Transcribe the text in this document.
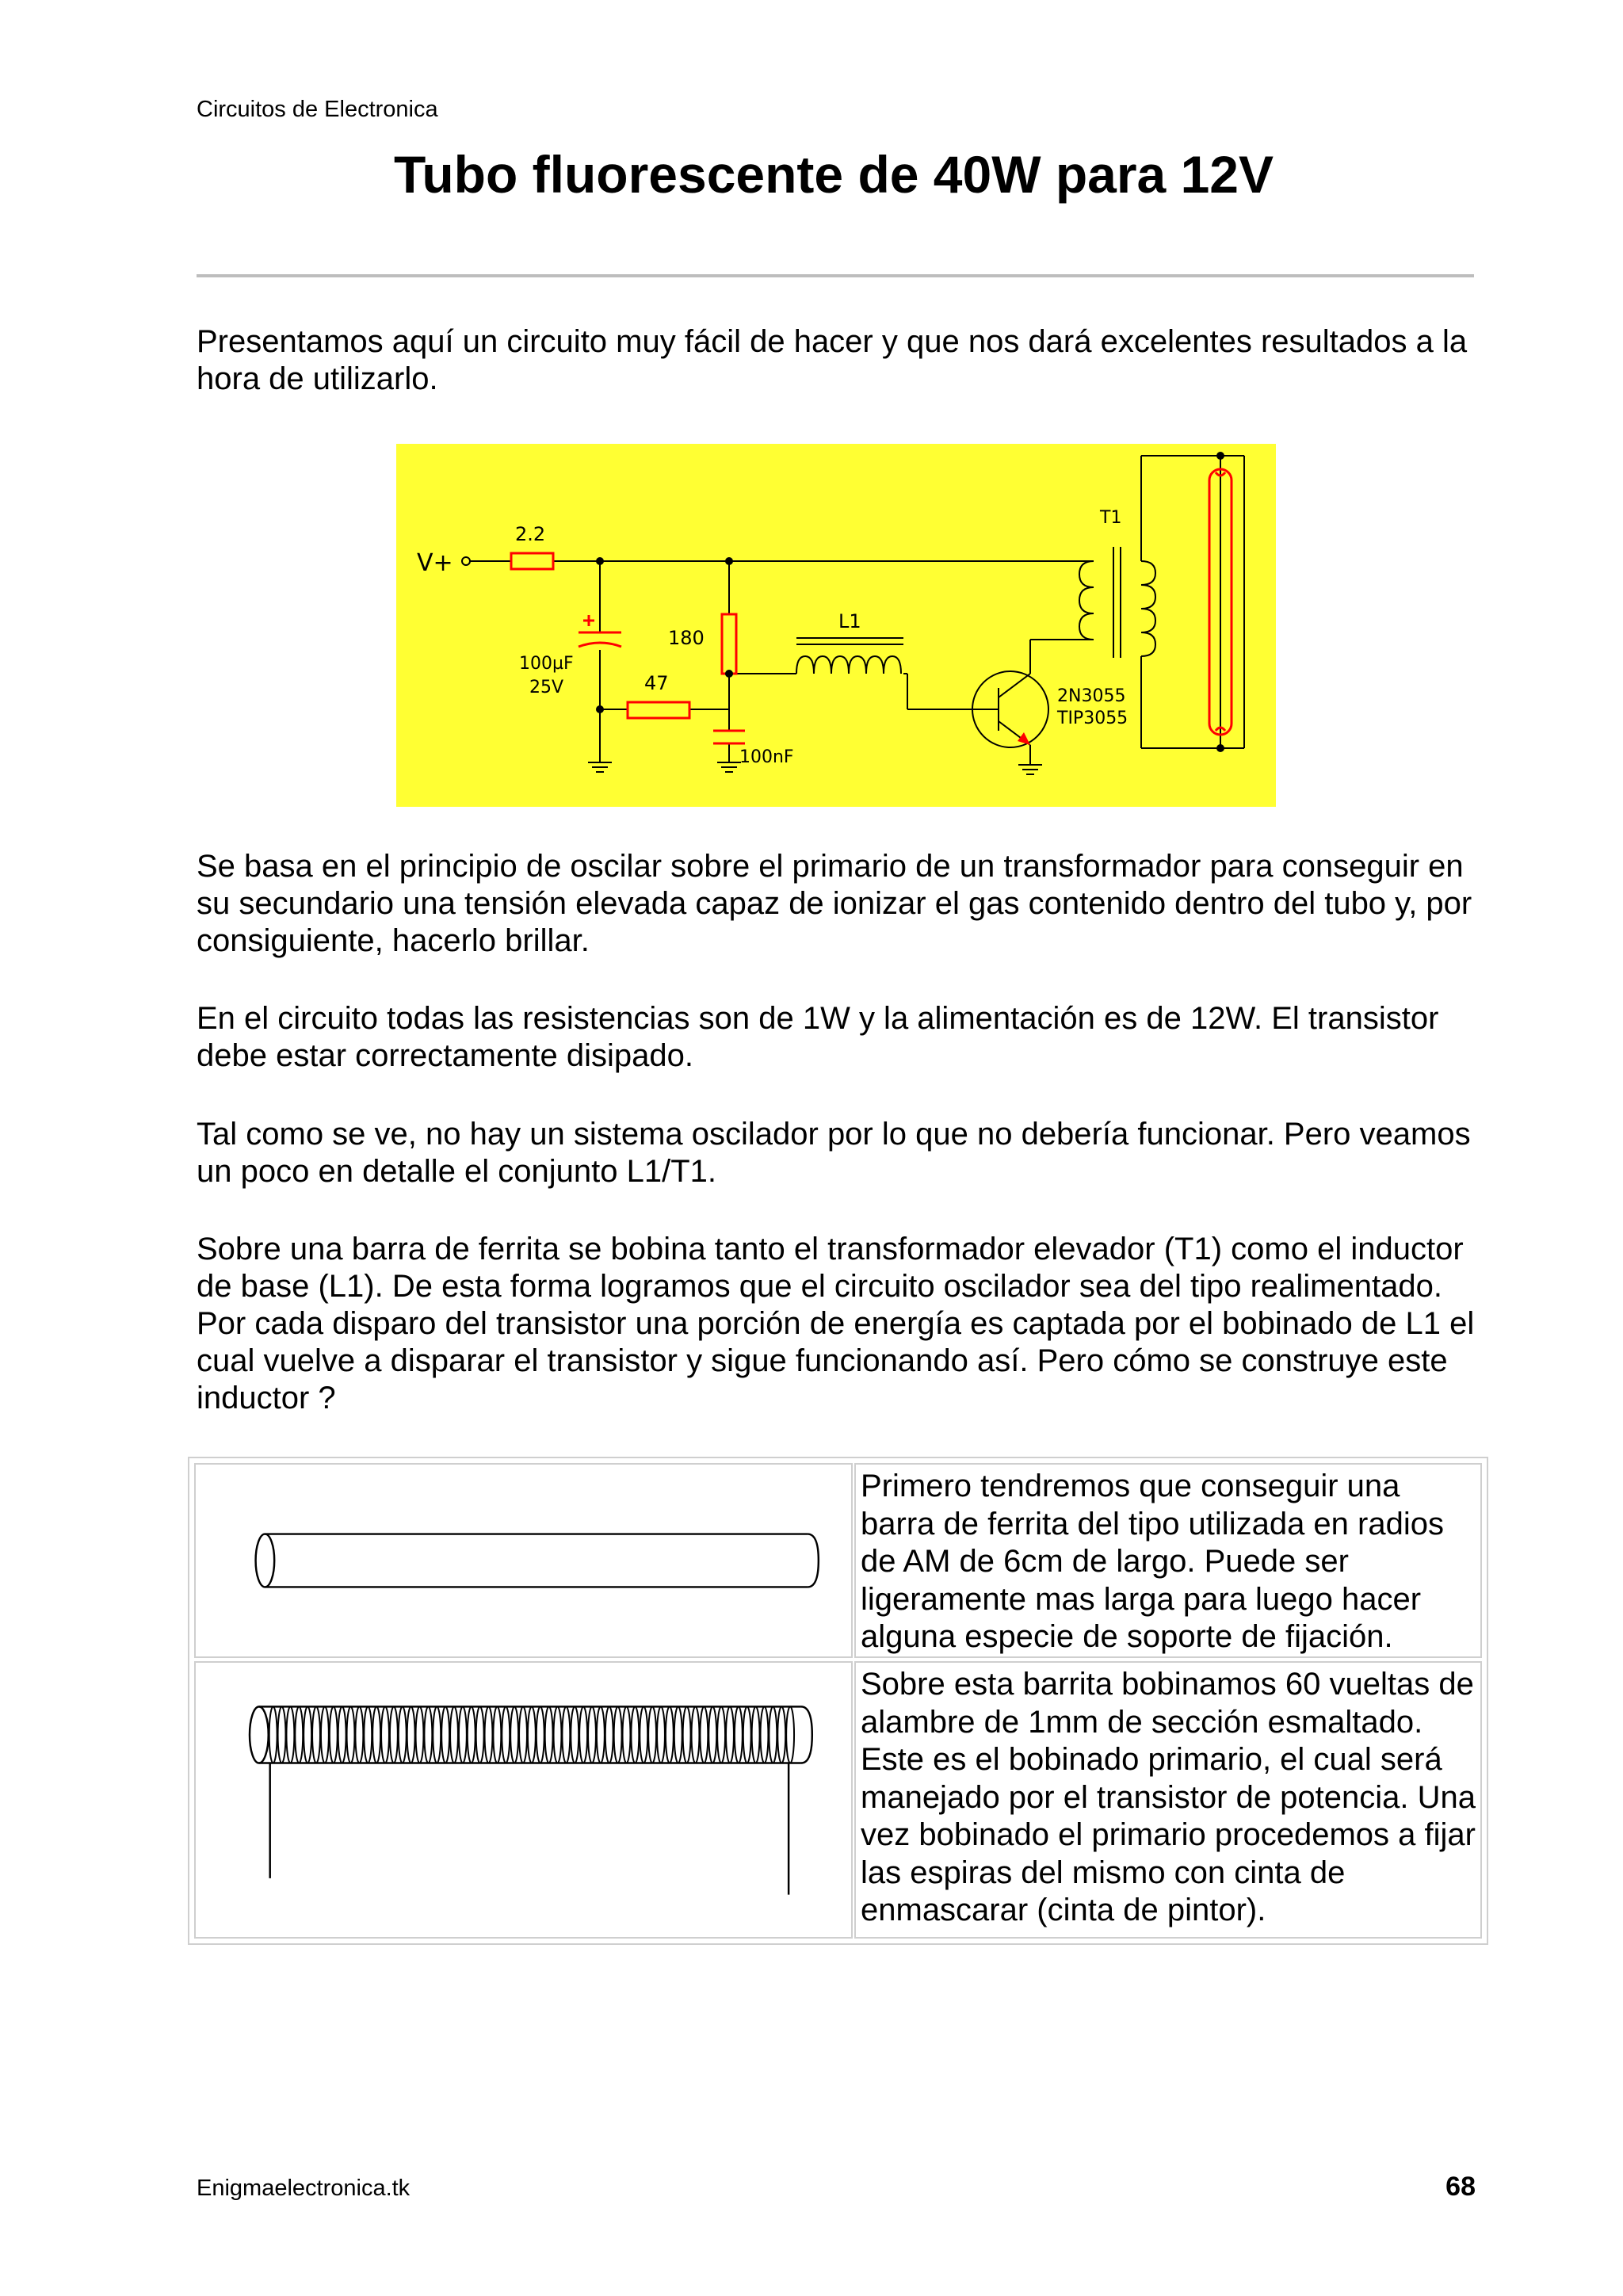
Circuitos de Electronica
Tubo fluorescente de 40W para 12V
Presentamos aquí un circuito muy fácil de hacer y que nos dará excelentes resultados a la hora de utilizarlo.
V+
2.2
180
47
100µF
25V
100nF
L1
T1
2N3055
TIP3055
Se basa en el principio de oscilar sobre el primario de un transformador para conseguir en su secundario una tensión elevada capaz de ionizar el gas contenido dentro del tubo y, por consiguiente, hacerlo brillar.
En el circuito todas las resistencias son de 1W y la alimentación es de 12W. El transistor debe estar correctamente disipado.
Tal como se ve, no hay un sistema oscilador por lo que no debería funcionar. Pero veamos un poco en detalle el conjunto L1/T1.
Sobre una barra de ferrita se bobina tanto el transformador elevador (T1) como el inductor de base (L1). De esta forma logramos que el circuito oscilador sea del tipo realimentado. Por cada disparo del transistor una porción de energía es captada por el bobinado de L1 el cual vuelve a disparar el transistor y sigue funcionando así. Pero cómo se construye este inductor ?
Primero tendremos que conseguir una barra de ferrita del tipo utilizada en radios de AM de 6cm de largo. Puede ser ligeramente mas larga para luego hacer alguna especie de soporte de fijación.
Sobre esta barrita bobinamos 60 vueltas de alambre de 1mm de sección esmaltado. Este es el bobinado primario, el cual será manejado por el transistor de potencia. Una vez bobinado el primario procedemos a fijar las espiras del mismo con cinta de enmascarar (cinta de pintor).
Enigmaelectronica.tk	68
